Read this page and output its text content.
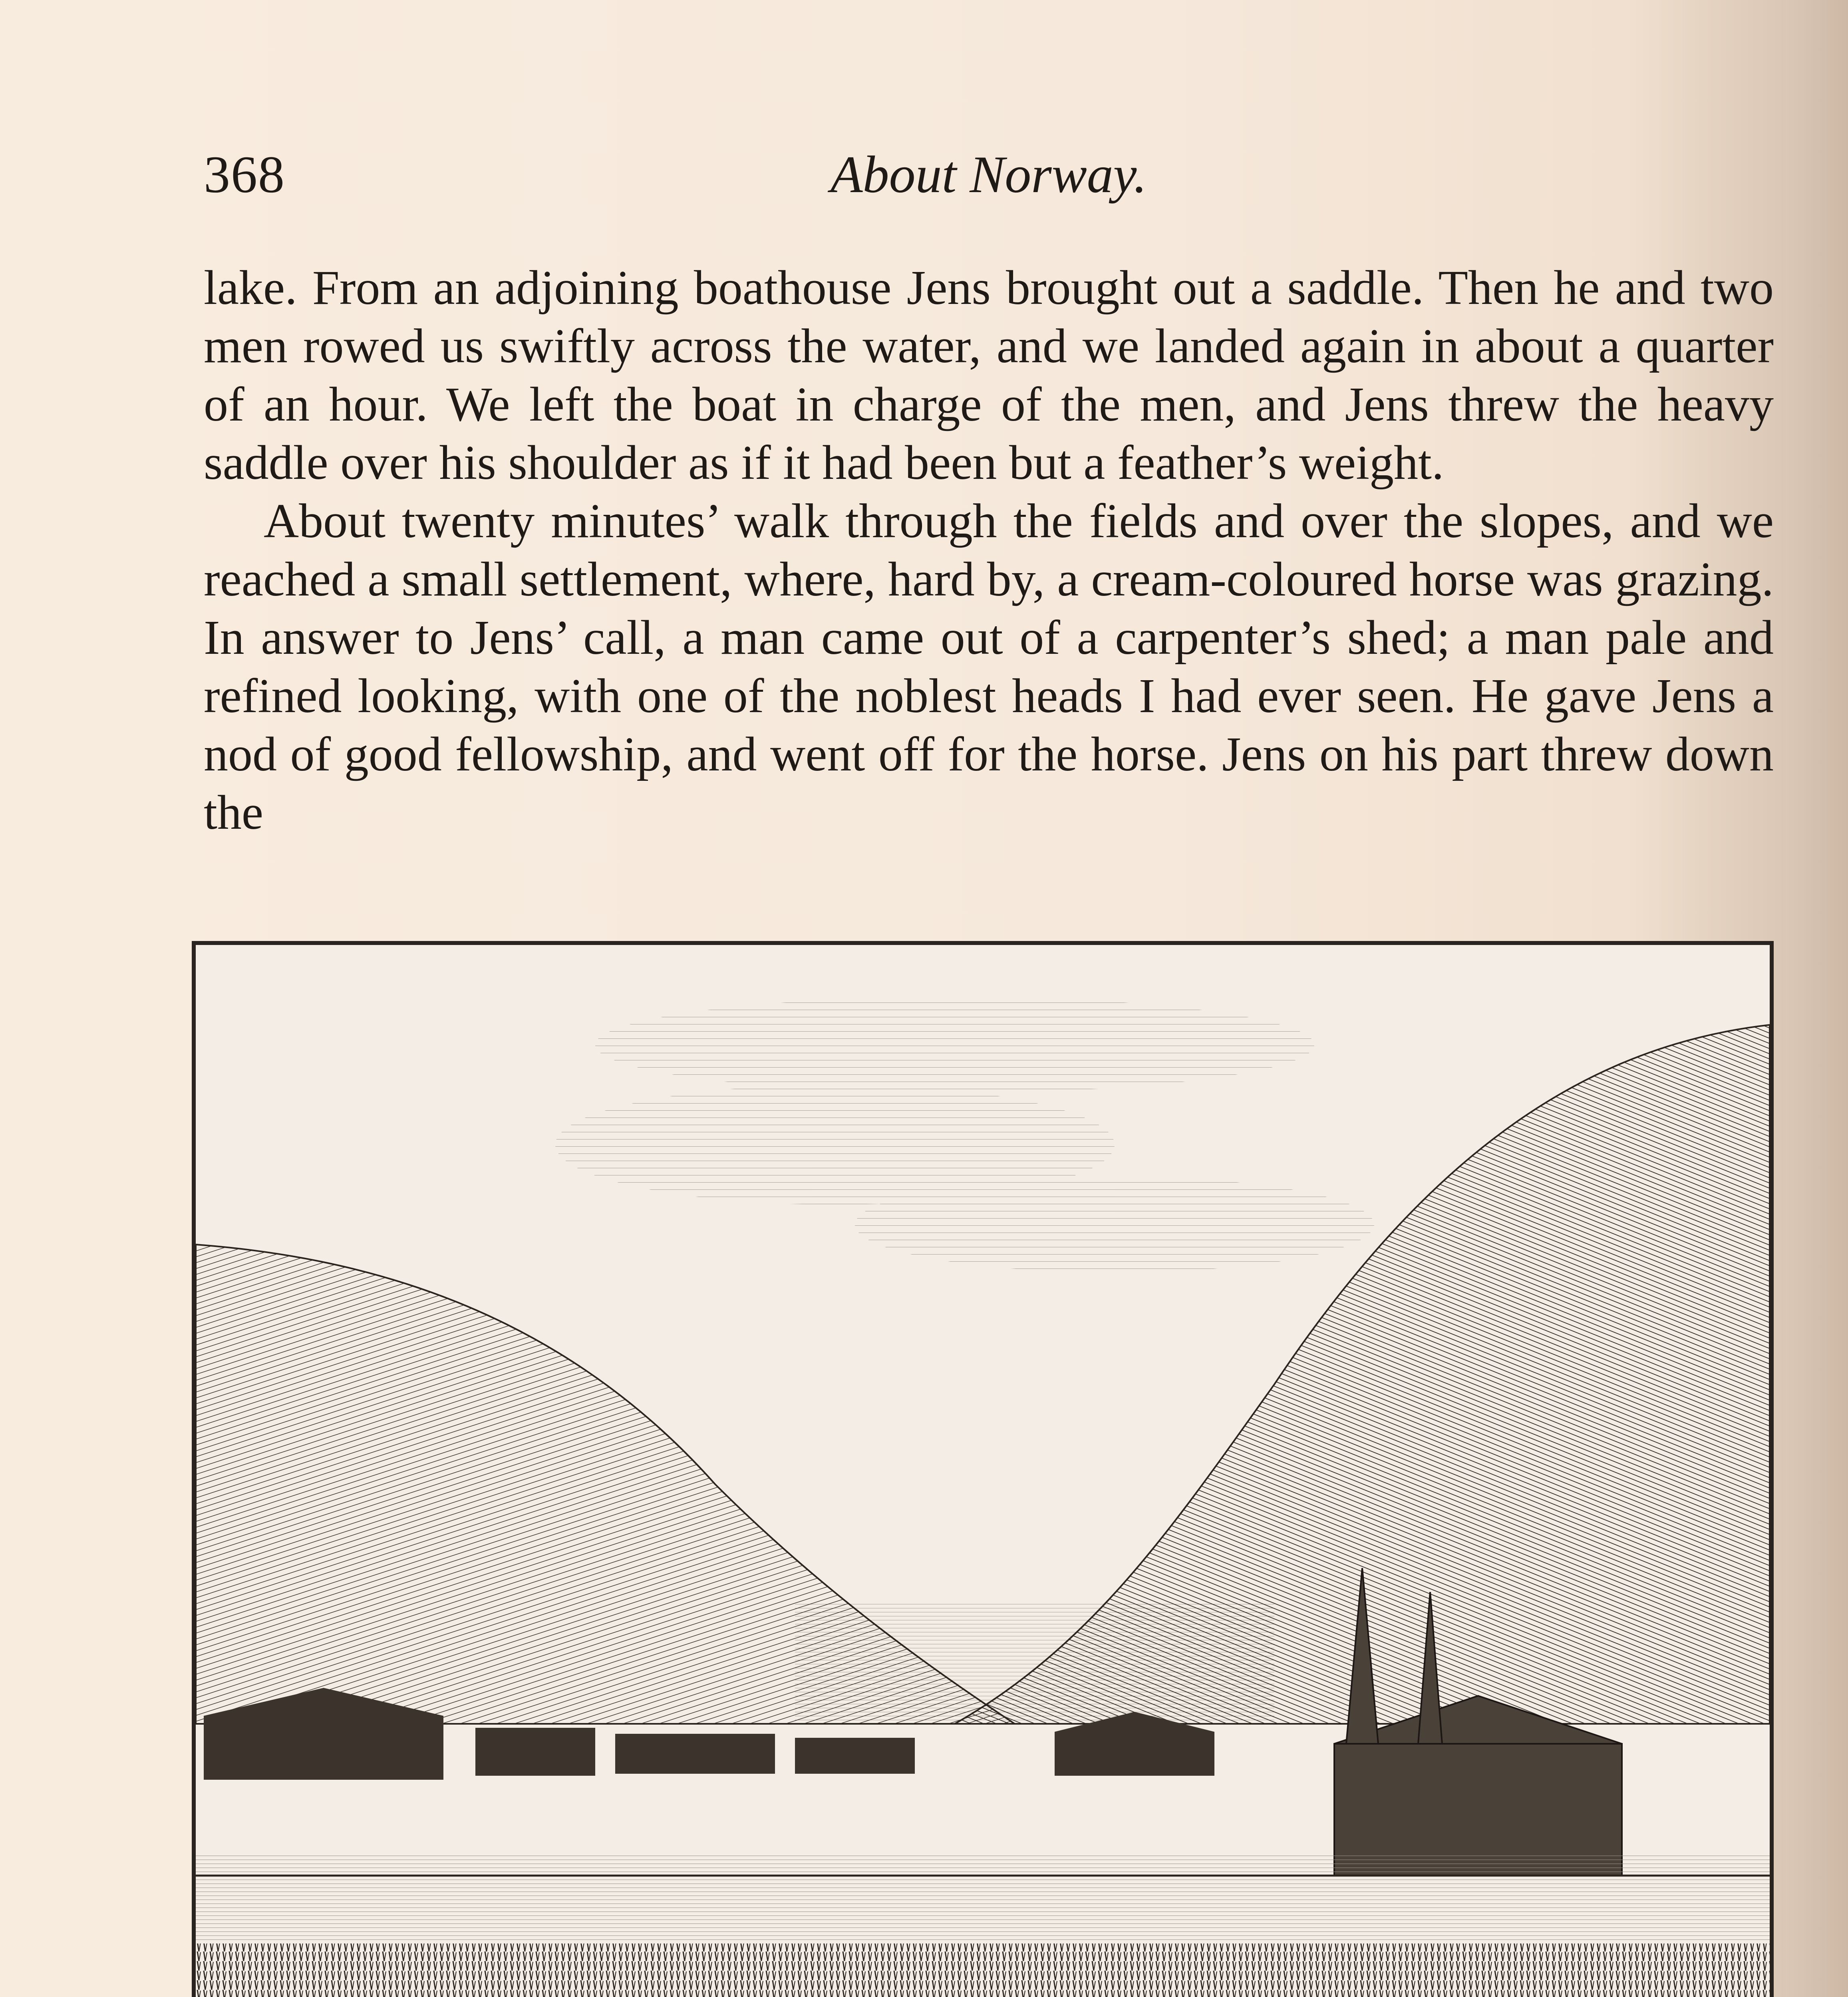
368	About Norway.

lake. From an adjoining boathouse Jens brought out a saddle. Then he and two men rowed us swiftly across the water, and we landed again in about a quarter of an hour. We left the boat in charge of the men, and Jens threw the heavy saddle over his shoulder as if it had been but a feather’s weight.

About twenty minutes’ walk through the fields and over the slopes, and we reached a small settlement, where, hard by, a cream-coloured horse was grazing. In answer to Jens’ call, a man came out of a carpenter’s shed; a man pale and refined looking, with one of the noblest heads I had ever seen. He gave Jens a nod of good fellowship, and went off for the horse. Jens on his part threw down the
